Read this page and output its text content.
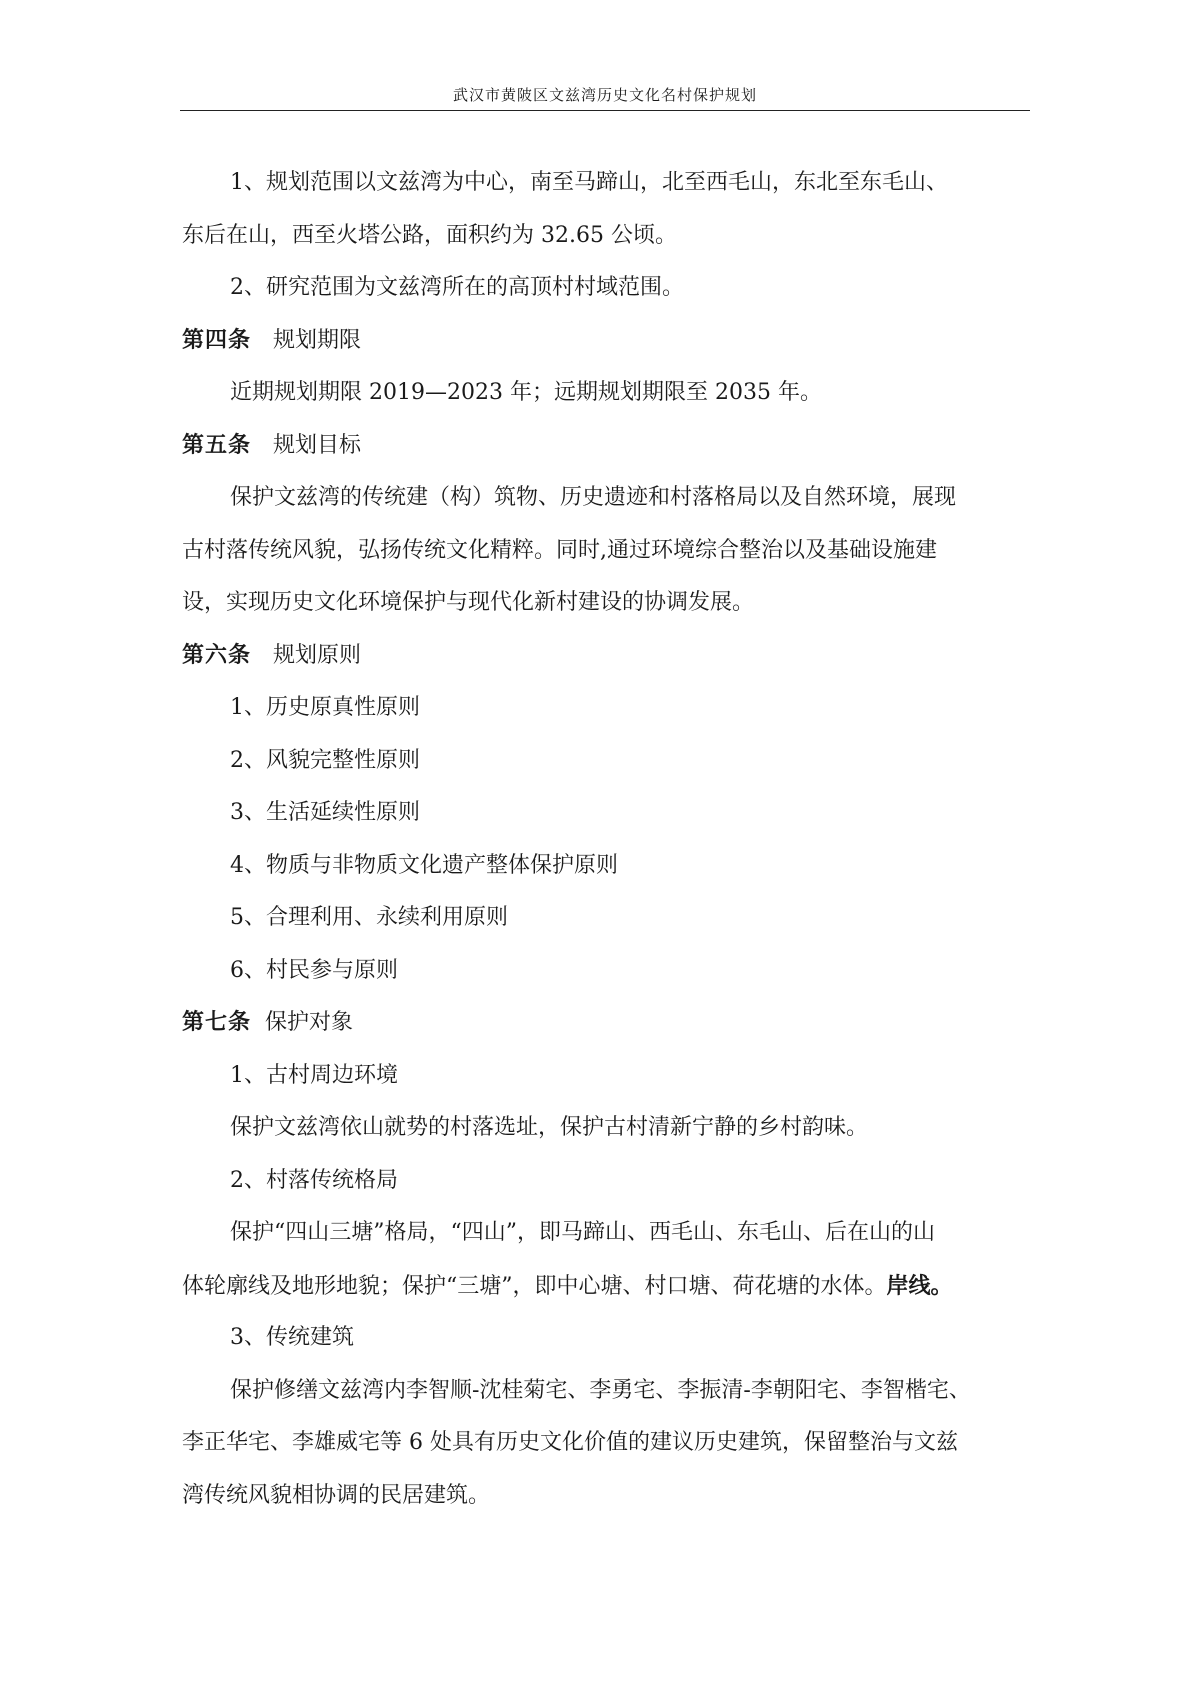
武汉市黄陂区文兹湾历史文化名村保护规划
1、规划范围以文兹湾为中心，南至马蹄山，北至西毛山，东北至东毛山、
东后在山，西至火塔公路，面积约为 32.65 公顷。
2、研究范围为文兹湾所在的高顶村村域范围。
第四条 规划期限
近期规划期限 2019—2023 年；远期规划期限至 2035 年。
第五条 规划目标
保护文兹湾的传统建（构）筑物、历史遗迹和村落格局以及自然环境，展现
古村落传统风貌，弘扬传统文化精粹。同时,通过环境综合整治以及基础设施建
设，实现历史文化环境保护与现代化新村建设的协调发展。
第六条 规划原则
1、历史原真性原则
2、风貌完整性原则
3、生活延续性原则
4、物质与非物质文化遗产整体保护原则
5、合理利用、永续利用原则
6、村民参与原则
第七条 保护对象
1、古村周边环境
保护文兹湾依山就势的村落选址，保护古村清新宁静的乡村韵味。
2、村落传统格局
保护“四山三塘”格局，“四山”，即马蹄山、西毛山、东毛山、后在山的山
体轮廓线及地形地貌；保护“三塘”，即中心塘、村口塘、荷花塘的水体。岸线。
3、传统建筑
保护修缮文兹湾内李智顺-沈桂菊宅、李勇宅、李振清-李朝阳宅、李智楷宅、
李正华宅、李雄威宅等 6 处具有历史文化价值的建议历史建筑，保留整治与文兹
湾传统风貌相协调的民居建筑。
